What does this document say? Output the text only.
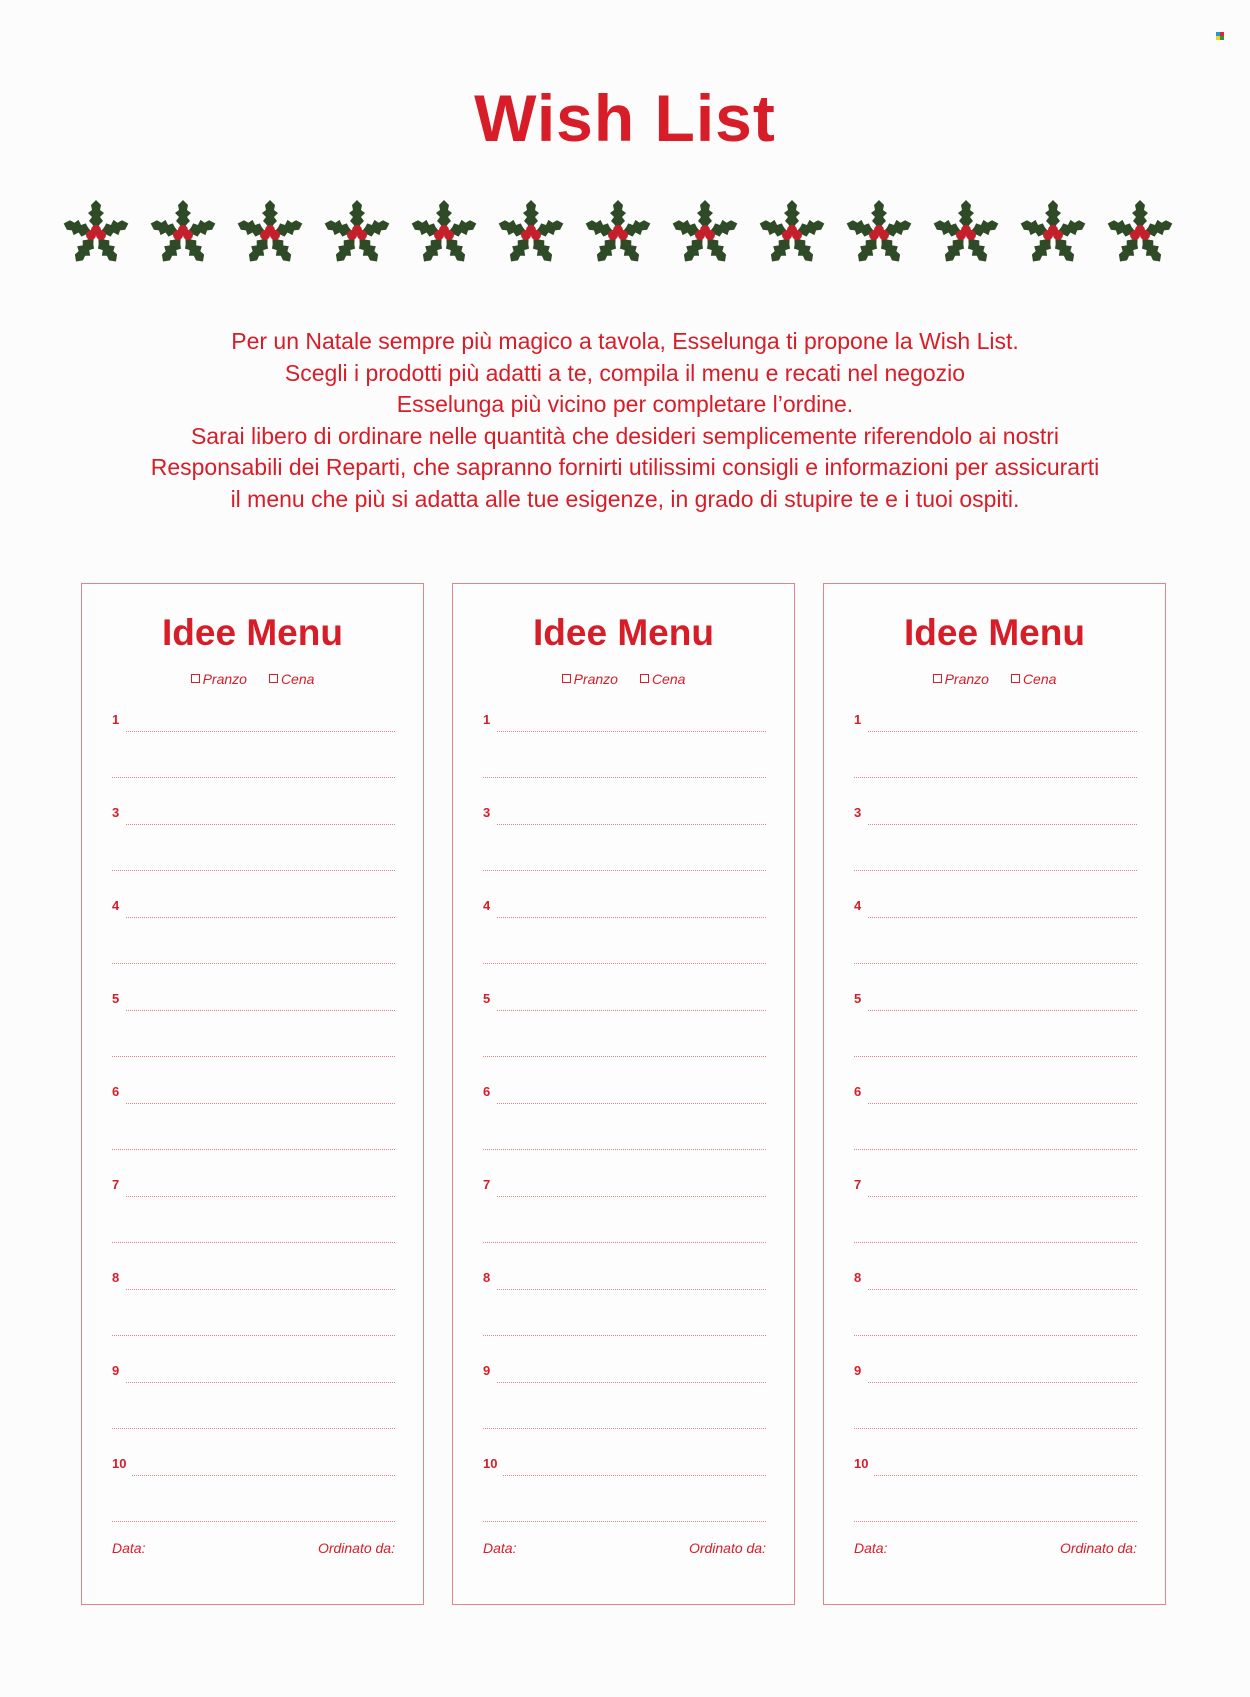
Wish List
Per un Natale sempre più magico a tavola, Esselunga ti propone la Wish List.
Scegli i prodotti più adatti a te, compila il menu e recati nel negozio
Esselunga più vicino per completare l’ordine.
Sarai libero di ordinare nelle quantità che desideri semplicemente riferendolo ai nostri
Responsabili dei Reparti, che sapranno fornirti utilissimi consigli e informazioni per assicurarti
il menu che più si adatta alle tue esigenze, in grado di stupire te e i tuoi ospiti.
Idee Menu
Pranzo Cena
1
3
4
5
6
7
8
9
10
Data:	Ordinato da:
Idee Menu
Pranzo Cena
1
3
4
5
6
7
8
9
10
Data:	Ordinato da:
Idee Menu
Pranzo Cena
1
3
4
5
6
7
8
9
10
Data:	Ordinato da:
